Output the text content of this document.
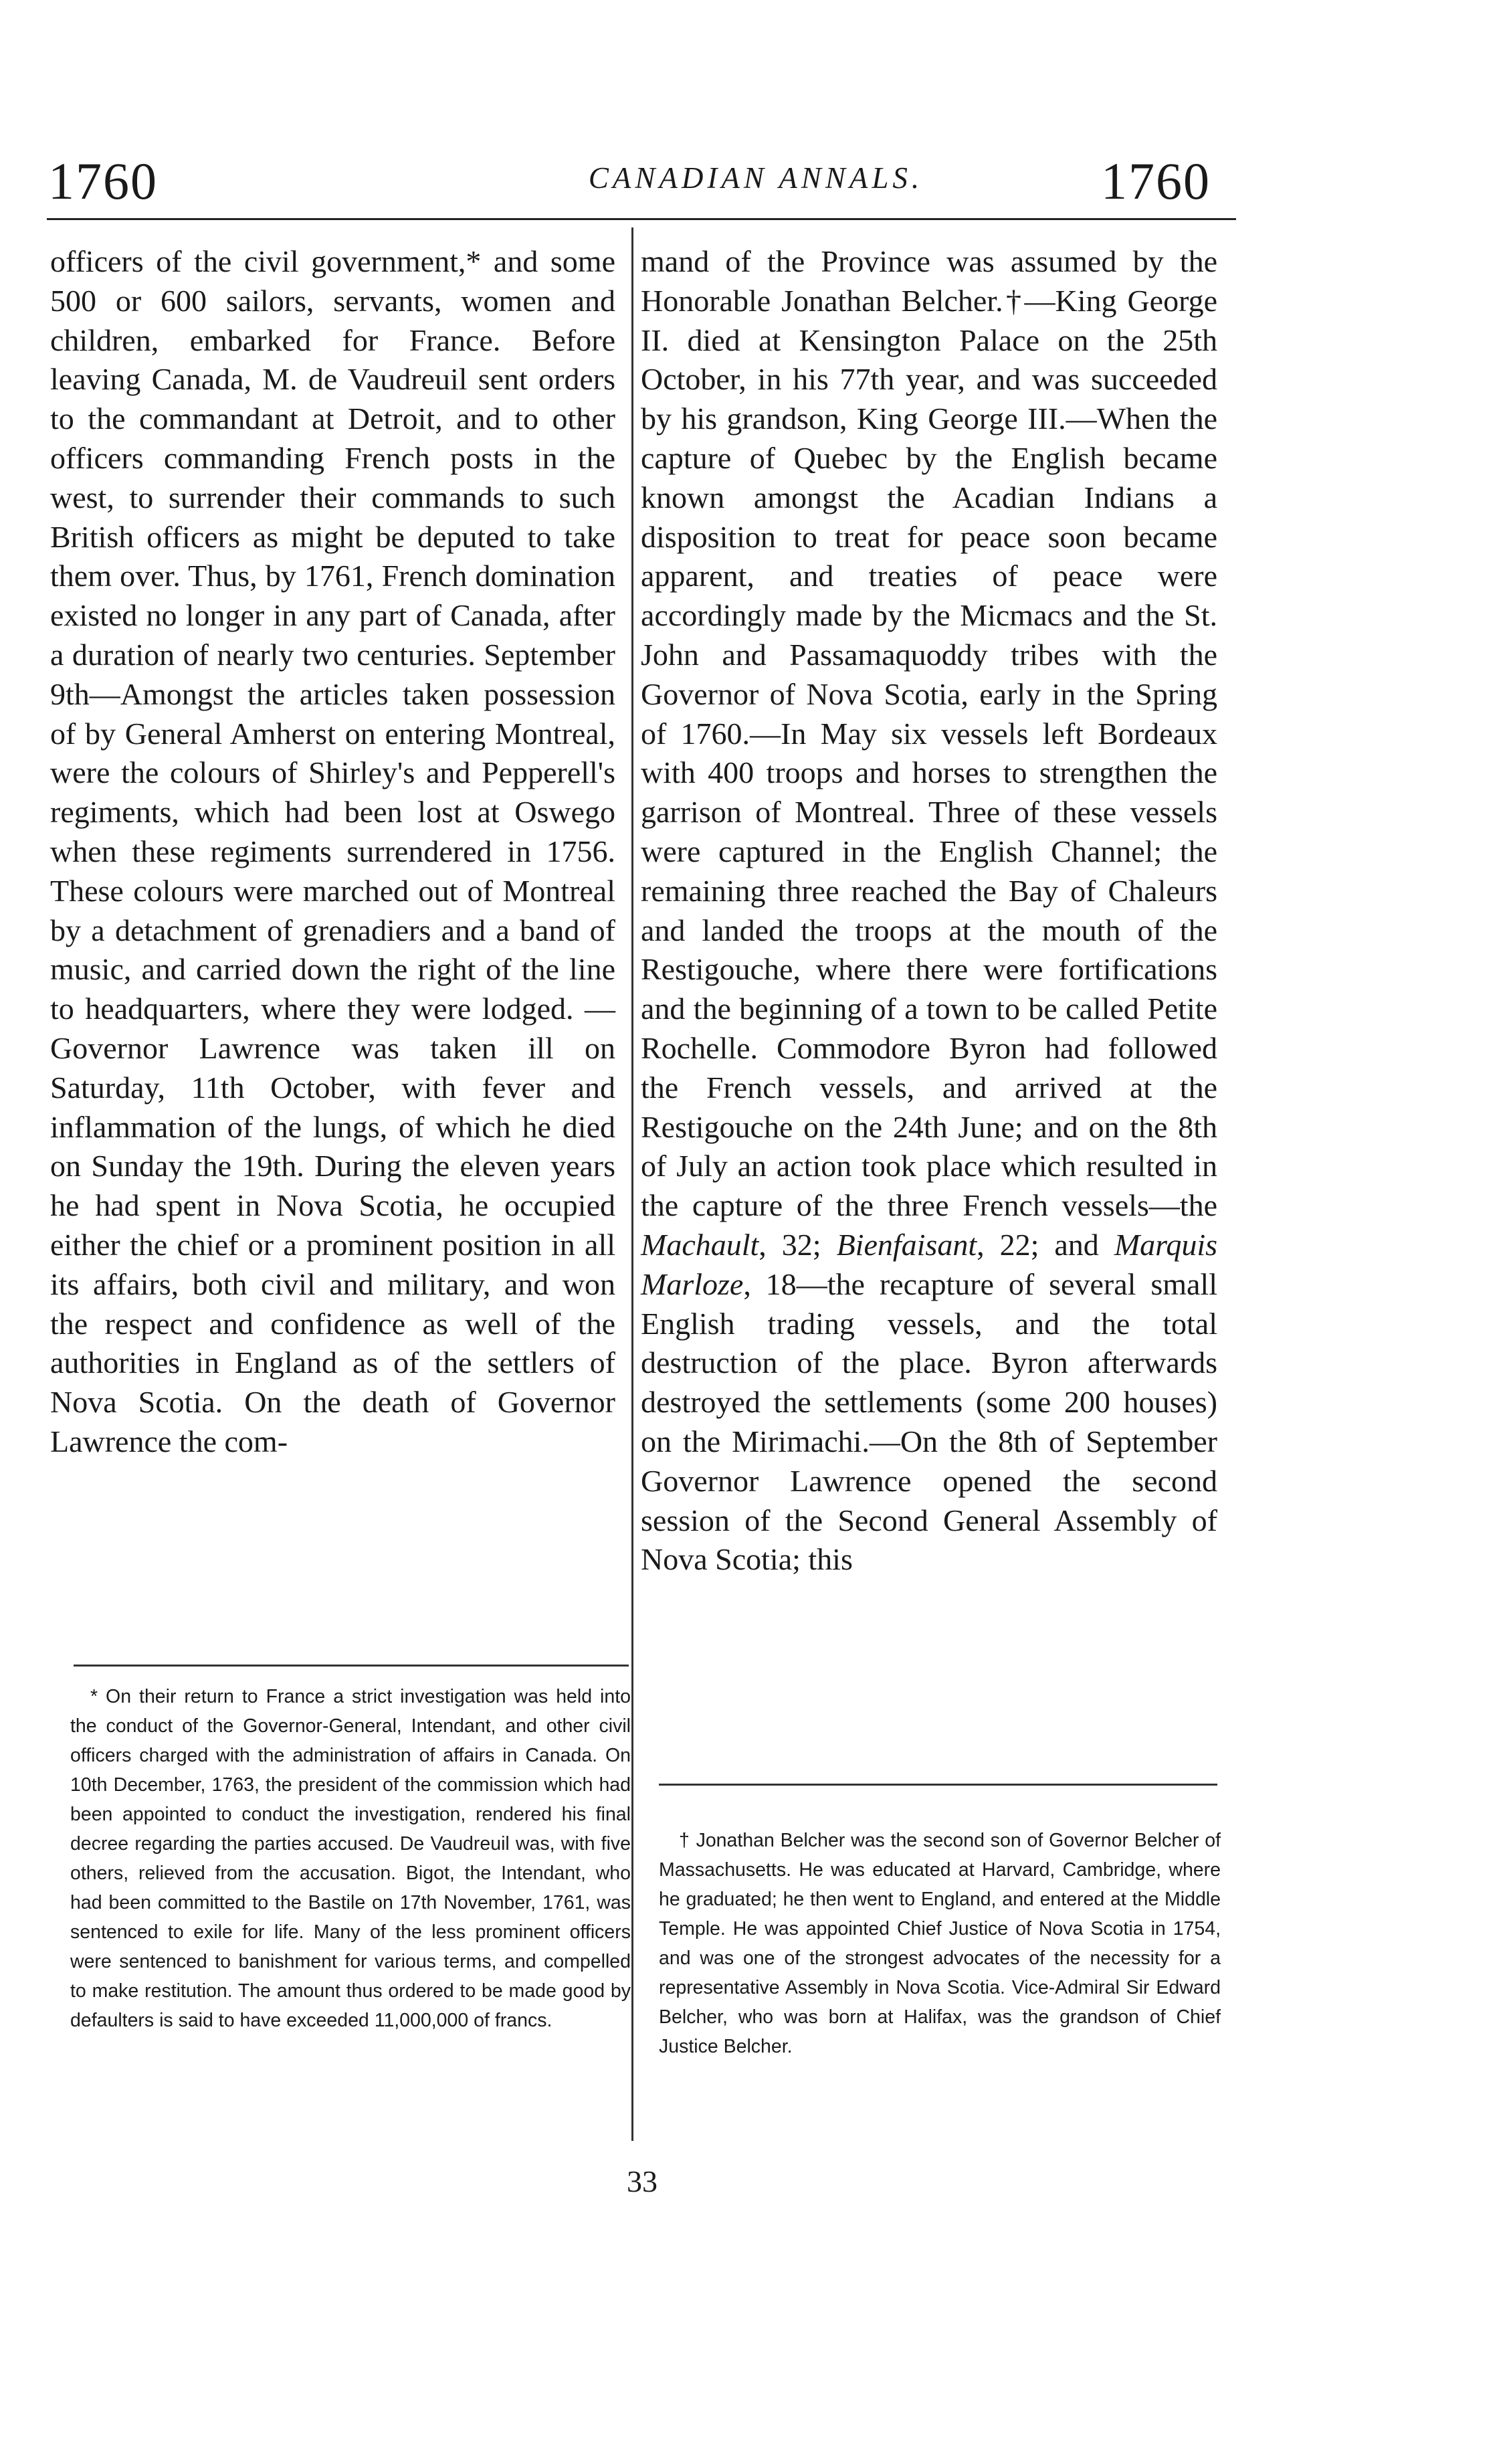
1760	CANADIAN ANNALS.	1760
officers of the civil government,* and some 500 or 600 sailors, servants, women and children, embarked for France. Before leaving Canada, M. de Vaudreuil sent orders to the commandant at Detroit, and to other officers commanding French posts in the west, to surrender their commands to such British officers as might be deputed to take them over. Thus, by 1761, French domination existed no longer in any part of Canada, after a duration of nearly two centuries. September 9th—Amongst the articles taken possession of by General Amherst on entering Montreal, were the colours of Shirley's and Pepperell's regiments, which had been lost at Oswego when these regiments surrendered in 1756. These colours were marched out of Montreal by a detachment of grenadiers and a band of music, and carried down the right of the line to headquarters, where they were lodged. — Governor Lawrence was taken ill on Saturday, 11th October, with fever and inflammation of the lungs, of which he died on Sunday the 19th. During the eleven years he had spent in Nova Scotia, he occupied either the chief or a prominent position in all its affairs, both civil and military, and won the respect and confidence as well of the authorities in England as of the settlers of Nova Scotia. On the death of Governor Lawrence the com-
mand of the Province was assumed by the Honorable Jonathan Belcher.†—King George II. died at Kensington Palace on the 25th October, in his 77th year, and was succeeded by his grandson, King George III.—When the capture of Quebec by the English became known amongst the Acadian Indians a disposition to treat for peace soon became apparent, and treaties of peace were accordingly made by the Micmacs and the St. John and Passamaquoddy tribes with the Governor of Nova Scotia, early in the Spring of 1760.—In May six vessels left Bordeaux with 400 troops and horses to strengthen the garrison of Montreal. Three of these vessels were captured in the English Channel; the remaining three reached the Bay of Chaleurs and landed the troops at the mouth of the Restigouche, where there were fortifications and the beginning of a town to be called Petite Rochelle. Commodore Byron had followed the French vessels, and arrived at the Restigouche on the 24th June; and on the 8th of July an action took place which resulted in the capture of the three French vessels—the Machault, 32; Bienfaisant, 22; and Marquis Marloze, 18—the recapture of several small English trading vessels, and the total destruction of the place. Byron afterwards destroyed the settlements (some 200 houses) on the Mirimachi.—On the 8th of September Governor Lawrence opened the second session of the Second General Assembly of Nova Scotia; this
* On their return to France a strict investigation was held into the conduct of the Governor-General, Intendant, and other civil officers charged with the administration of affairs in Canada. On 10th December, 1763, the president of the commission which had been appointed to conduct the investigation, rendered his final decree regarding the parties accused. De Vaudreuil was, with five others, relieved from the accusation. Bigot, the Intendant, who had been committed to the Bastile on 17th November, 1761, was sentenced to exile for life. Many of the less prominent officers were sentenced to banishment for various terms, and compelled to make restitution. The amount thus ordered to be made good by defaulters is said to have exceeded 11,000,000 of francs.
† Jonathan Belcher was the second son of Governor Belcher of Massachusetts. He was educated at Harvard, Cambridge, where he graduated; he then went to England, and entered at the Middle Temple. He was appointed Chief Justice of Nova Scotia in 1754, and was one of the strongest advocates of the necessity for a representative Assembly in Nova Scotia. Vice-Admiral Sir Edward Belcher, who was born at Halifax, was the grandson of Chief Justice Belcher.
33
